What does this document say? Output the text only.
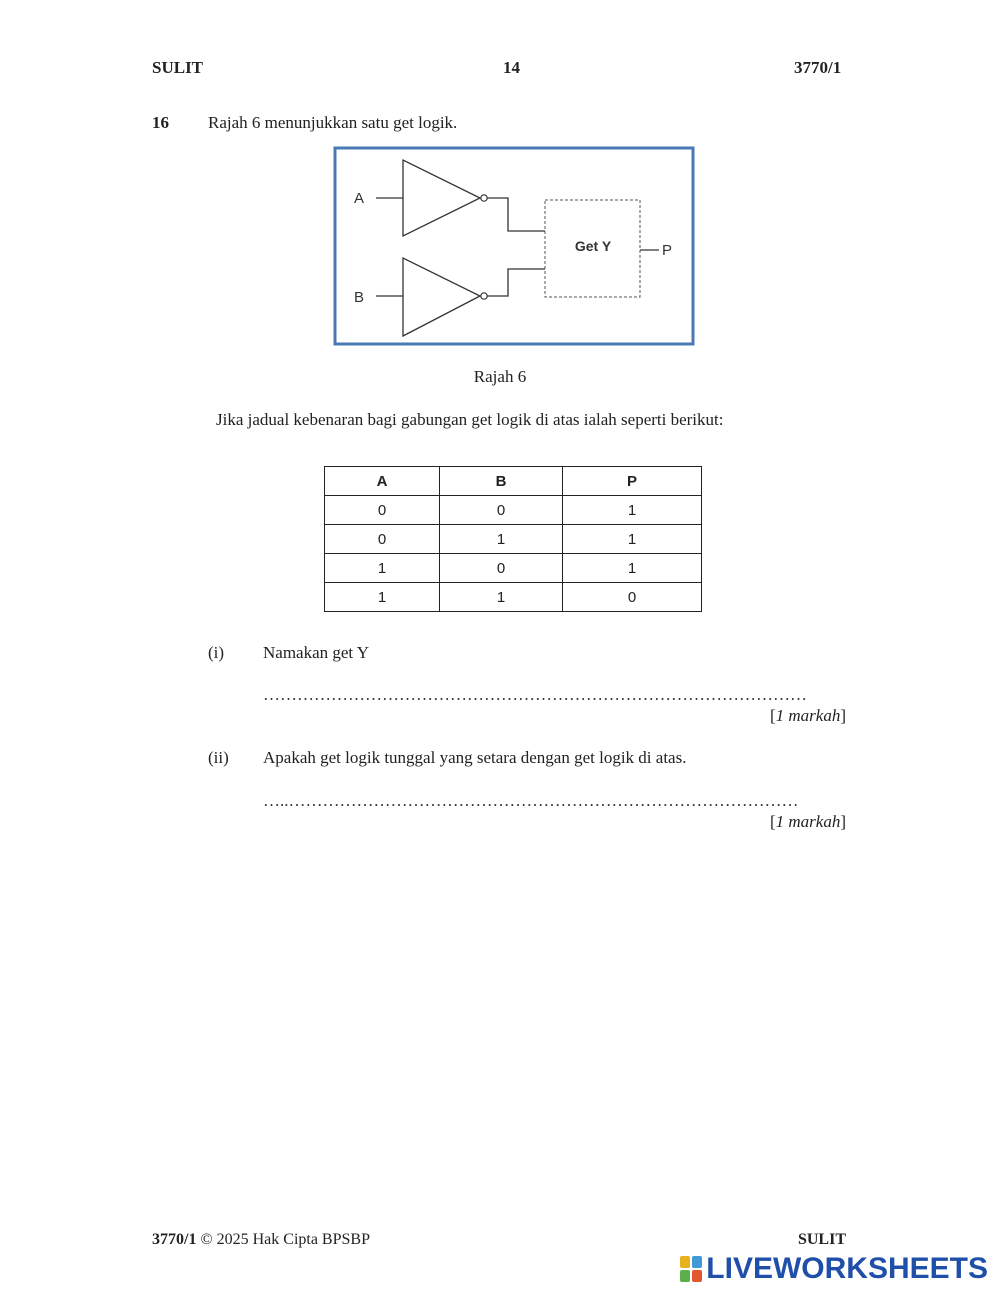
SULIT	14	3770/1
16 Rajah 6 menunjukkan satu get logik.
A
B
Get Y	P
Rajah 6
Jika jadual kebenaran bagi gabungan get logik di atas ialah seperti berikut:
A	B	P
0	0	1
0	1	1
1	0	1
1	1	0
(i) Namakan get Y
……………………………………………………………………………………
[1 markah]
(ii) Apakah get logik tunggal yang setara dengan get logik di atas.
…..………………………………………………………………………………
[1 markah]
3770/1 © 2025 Hak Cipta BPSBP	SULIT
LIVEWORKSHEETS
